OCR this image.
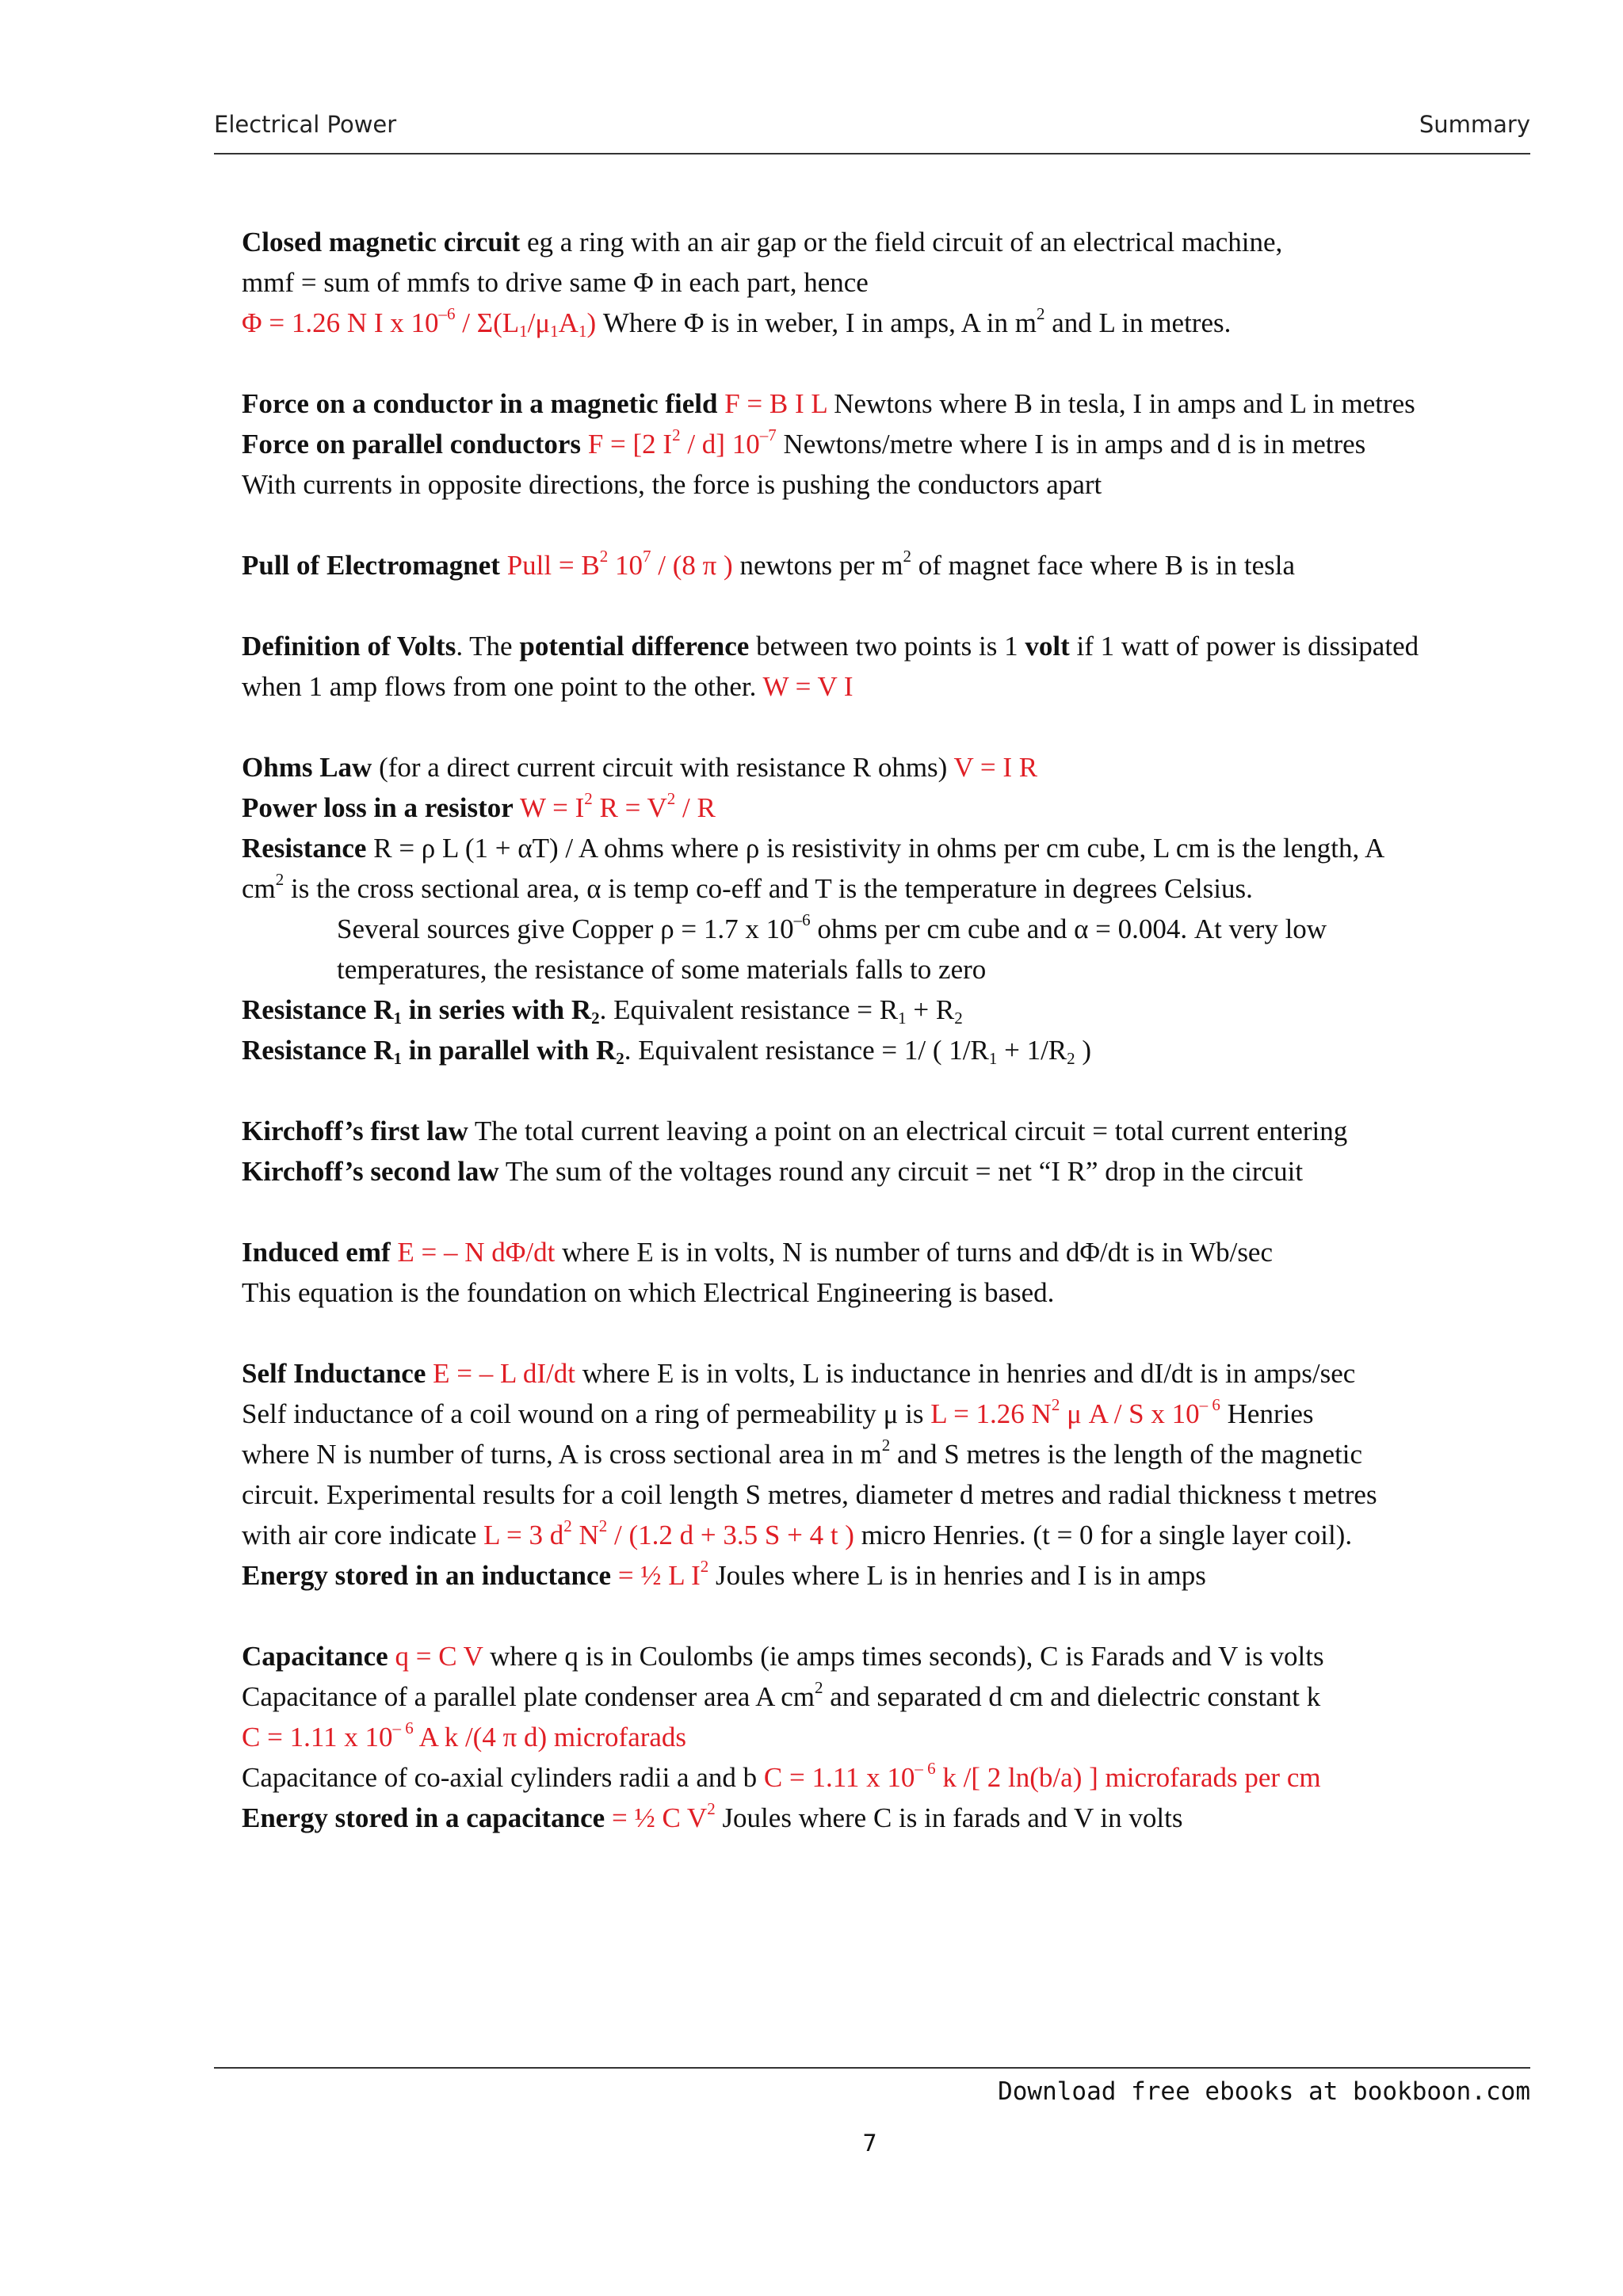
Electrical Power	Summary
Closed magnetic circuit eg a ring with an air gap or the field circuit of an electrical machine,
mmf = sum of mmfs to drive same Φ in each part, hence
Φ = 1.26 N I x $10^{-6} / \Sigma(L_1/\mu_1A_1)$ Where Φ is in weber, I in amps, A in $m^2$ and L in metres.
Force on a conductor in a magnetic field F = B I L Newtons where B in tesla, I in amps and L in metres
Force on parallel conductors F = [2 $I^2 / d$] $10^{-7}$ Newtons/metre where I is in amps and d is in metres
With currents in opposite directions, the force is pushing the conductors apart
Pull of Electromagnet Pull = $B^2$ $10^7 / (8$ π ) newtons per $m^2$ of magnet face where B is in tesla
Definition of Volts. The potential difference between two points is 1 volt if 1 watt of power is dissipated
when 1 amp flows from one point to the other. W = V I
Ohms Law (for a direct current circuit with resistance R ohms) V = I R
Power loss in a resistor $W = I^2$ $R = V^2 / R$
Resistance R = ρ L (1 + αT) / A ohms where ρ is resistivity in ohms per cm cube, L cm is the length, A
$cm^2$ is the cross sectional area, α is temp co-eff and T is the temperature in degrees Celsius.
Several sources give Copper ρ = 1.7 x $10^{-6}$ ohms per cm cube and α = 0.004. At very low
temperatures, the resistance of some materials falls to zero
Resistance $R_1$ in series with $R_2$. Equivalent resistance = $R_1 + R_2$
Resistance $R_1$ in parallel with $R_2$. Equivalent resistance = 1/ ( $1/R_1 + 1/R_2$ )
Kirchoff’s first law The total current leaving a point on an electrical circuit = total current entering
Kirchoff’s second law The sum of the voltages round any circuit = net “I R” drop in the circuit
Induced emf E = – N dΦ/dt where E is in volts, N is number of turns and dΦ/dt is in Wb/sec
This equation is the foundation on which Electrical Engineering is based.
Self Inductance E = – L dI/dt where E is in volts, L is inductance in henries and dI/dt is in amps/sec
Self inductance of a coil wound on a ring of permeability μ is L = 1.26 $N^2$ μ A / S x $10^{- 6}$ Henries
where N is number of turns, A is cross sectional area in $m^2$ and S metres is the length of the magnetic
circuit. Experimental results for a coil length S metres, diameter d metres and radial thickness t metres
with air core indicate L = 3 $d^2$ $N^2 / (1.2$ d + 3.5 S + 4 t ) micro Henries. (t = 0 for a single layer coil).
Energy stored in an inductance = ½ L $I^2$ Joules where L is in henries and I is in amps
Capacitance q = C V where q is in Coulombs (ie amps times seconds), C is Farads and V is volts
Capacitance of a parallel plate condenser area A $cm^2$ and separated d cm and dielectric constant k
C = 1.11 x $10^{- 6}$ A k /(4 π d) microfarads
Capacitance of co-axial cylinders radii a and b C = 1.11 x $10^{- 6}$ k /[ 2 ln(b/a) ] microfarads per cm
Energy stored in a capacitance = ½ C $V^2$ Joules where C is in farads and V in volts
Download free ebooks at bookboon.com
7
